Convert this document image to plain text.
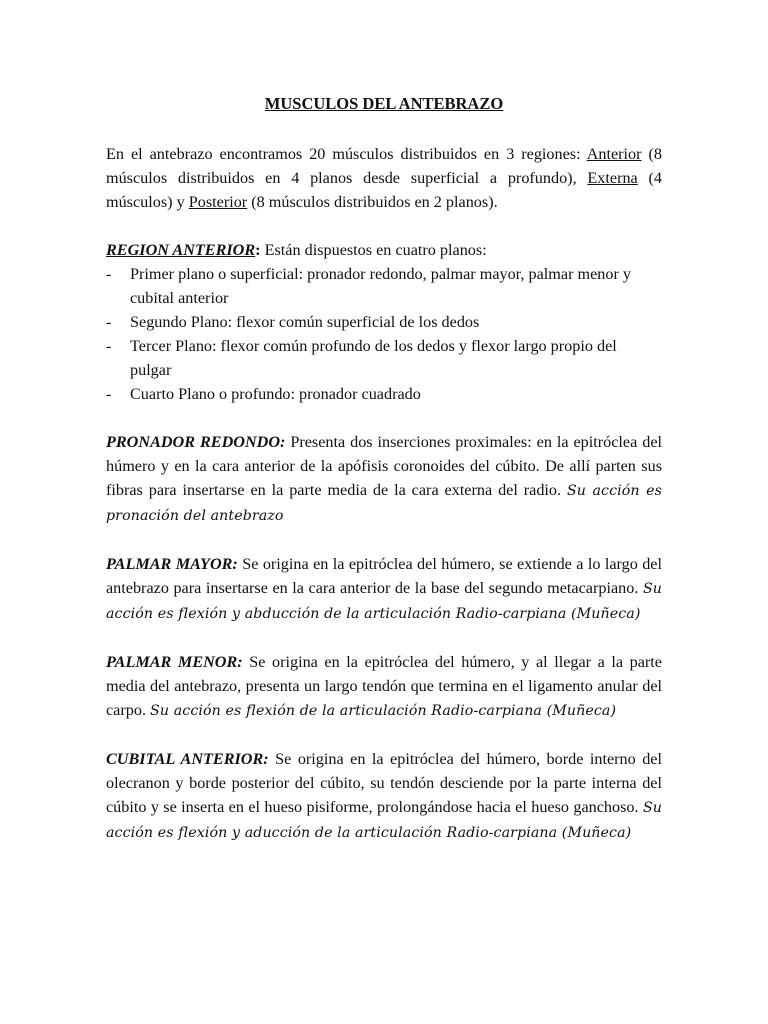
MUSCULOS DEL ANTEBRAZO

En el antebrazo encontramos 20 músculos distribuidos en 3 regiones: Anterior (8 músculos distribuidos en 4 planos desde superficial a profundo), Externa (4 músculos) y Posterior (8 músculos distribuidos en 2 planos).

REGION ANTERIOR: Están dispuestos en cuatro planos:
- Primer plano o superficial: pronador redondo, palmar mayor, palmar menor y cubital anterior
- Segundo Plano: flexor común superficial de los dedos
- Tercer Plano: flexor común profundo de los dedos y flexor largo propio del pulgar
- Cuarto Plano o profundo: pronador cuadrado

PRONADOR REDONDO: Presenta dos inserciones proximales: en la epitróclea del húmero y en la cara anterior de la apófisis coronoides del cúbito. De allí parten sus fibras para insertarse en la parte media de la cara externa del radio. Su acción es pronación del antebrazo

PALMAR MAYOR: Se origina en la epitróclea del húmero, se extiende a lo largo del antebrazo para insertarse en la cara anterior de la base del segundo metacarpiano. Su acción es flexión y abducción de la articulación Radio-carpiana (Muñeca)

PALMAR MENOR: Se origina en la epitróclea del húmero, y al llegar a la parte media del antebrazo, presenta un largo tendón que termina en el ligamento anular del carpo. Su acción es flexión de la articulación Radio-carpiana (Muñeca)

CUBITAL ANTERIOR: Se origina en la epitróclea del húmero, borde interno del olecranon y borde posterior del cúbito, su tendón desciende por la parte interna del cúbito y se inserta en el hueso pisiforme, prolongándose hacia el hueso ganchoso. Su acción es flexión y aducción de la articulación Radio-carpiana (Muñeca)
